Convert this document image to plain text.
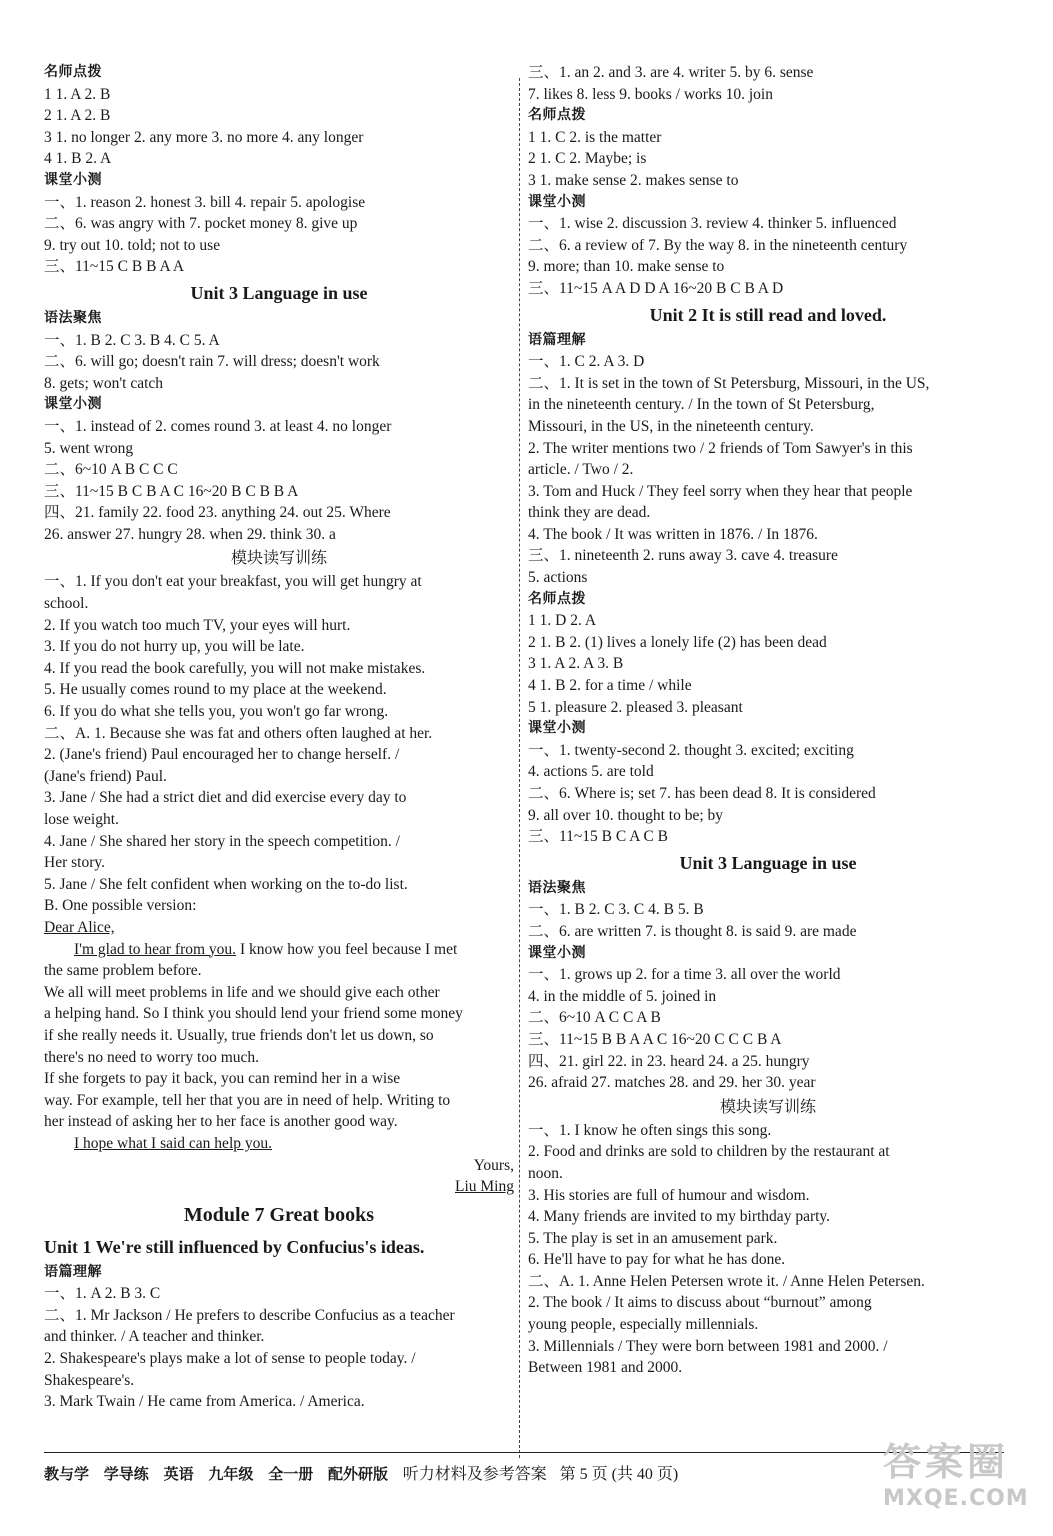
名师点拨
1 1. A 2. B
2 1. A 2. B
3 1. no longer 2. any more 3. no more 4. any longer
4 1. B 2. A
课堂小测
一、1. reason 2. honest 3. bill 4. repair 5. apologise
二、6. was angry with 7. pocket money 8. give up
9. try out 10. told; not to use
三、11~15 C B B A A
Unit 3 Language in use
语法聚焦
一、1. B 2. C 3. B 4. C 5. A
二、6. will go; doesn't rain 7. will dress; doesn't work
8. gets; won't catch
课堂小测
一、1. instead of 2. comes round 3. at least 4. no longer
5. went wrong
二、6~10 A B C C C
三、11~15 B C B A C 16~20 B C B B A
四、21. family 22. food 23. anything 24. out 25. Where
26. answer 27. hungry 28. when 29. think 30. a
模块读写训练
一、1. If you don't eat your breakfast, you will get hungry at
school.
2. If you watch too much TV, your eyes will hurt.
3. If you do not hurry up, you will be late.
4. If you read the book carefully, you will not make mistakes.
5. He usually comes round to my place at the weekend.
6. If you do what she tells you, you won't go far wrong.
二、A. 1. Because she was fat and others often laughed at her.
2. (Jane's friend) Paul encouraged her to change herself. /
(Jane's friend) Paul.
3. Jane / She had a strict diet and did exercise every day to
lose weight.
4. Jane / She shared her story in the speech competition. /
Her story.
5. Jane / She felt confident when working on the to-do list.
B. One possible version:
Dear Alice,
I'm glad to hear from you. I know how you feel because I met
the same problem before.
We all will meet problems in life and we should give each other
a helping hand. So I think you should lend your friend some money
if she really needs it. Usually, true friends don't let us down, so
there's no need to worry too much.
If she forgets to pay it back, you can remind her in a wise
way. For example, tell her that you are in need of help. Writing to
her instead of asking her to her face is another good way.
I hope what I said can help you.
Yours,
Liu Ming
Module 7 Great books
Unit 1 We're still influenced by Confucius's ideas.
语篇理解
一、1. A 2. B 3. C
二、1. Mr Jackson / He prefers to describe Confucius as a teacher
and thinker. / A teacher and thinker.
2. Shakespeare's plays make a lot of sense to people today. /
Shakespeare's.
3. Mark Twain / He came from America. / America.
三、1. an 2. and 3. are 4. writer 5. by 6. sense
7. likes 8. less 9. books / works 10. join
名师点拨
1 1. C 2. is the matter
2 1. C 2. Maybe; is
3 1. make sense 2. makes sense to
课堂小测
一、1. wise 2. discussion 3. review 4. thinker 5. influenced
二、6. a review of 7. By the way 8. in the nineteenth century
9. more; than 10. make sense to
三、11~15 A A D D A 16~20 B C B A D
Unit 2 It is still read and loved.
语篇理解
一、1. C 2. A 3. D
二、1. It is set in the town of St Petersburg, Missouri, in the US,
in the nineteenth century. / In the town of St Petersburg,
Missouri, in the US, in the nineteenth century.
2. The writer mentions two / 2 friends of Tom Sawyer's in this
article. / Two / 2.
3. Tom and Huck / They feel sorry when they hear that people
think they are dead.
4. The book / It was written in 1876. / In 1876.
三、1. nineteenth 2. runs away 3. cave 4. treasure
5. actions
名师点拨
1 1. D 2. A
2 1. B 2. (1) lives a lonely life (2) has been dead
3 1. A 2. A 3. B
4 1. B 2. for a time / while
5 1. pleasure 2. pleased 3. pleasant
课堂小测
一、1. twenty-second 2. thought 3. excited; exciting
4. actions 5. are told
二、6. Where is; set 7. has been dead 8. It is considered
9. all over 10. thought to be; by
三、11~15 B C A C B
Unit 3 Language in use
语法聚焦
一、1. B 2. C 3. C 4. B 5. B
二、6. are written 7. is thought 8. is said 9. are made
课堂小测
一、1. grows up 2. for a time 3. all over the world
4. in the middle of 5. joined in
二、6~10 A C C A B
三、11~15 B B A A C 16~20 C C C B A
四、21. girl 22. in 23. heard 24. a 25. hungry
26. afraid 27. matches 28. and 29. her 30. year
模块读写训练
一、1. I know he often sings this song.
2. Food and drinks are sold to children by the restaurant at
noon.
3. His stories are full of humour and wisdom.
4. Many friends are invited to my birthday party.
5. The play is set in an amusement park.
6. He'll have to pay for what he has done.
二、A. 1. Anne Helen Petersen wrote it. / Anne Helen Petersen.
2. The book / It aims to discuss about “burnout” among
young people, especially millennials.
3. Millennials / They were born between 1981 and 2000. /
Between 1981 and 2000.
教与学 学导练 英语 九年级 全一册 配外研版 听力材料及参考答案 第 5 页 (共 40 页)	答案圈
MXQE.COM
